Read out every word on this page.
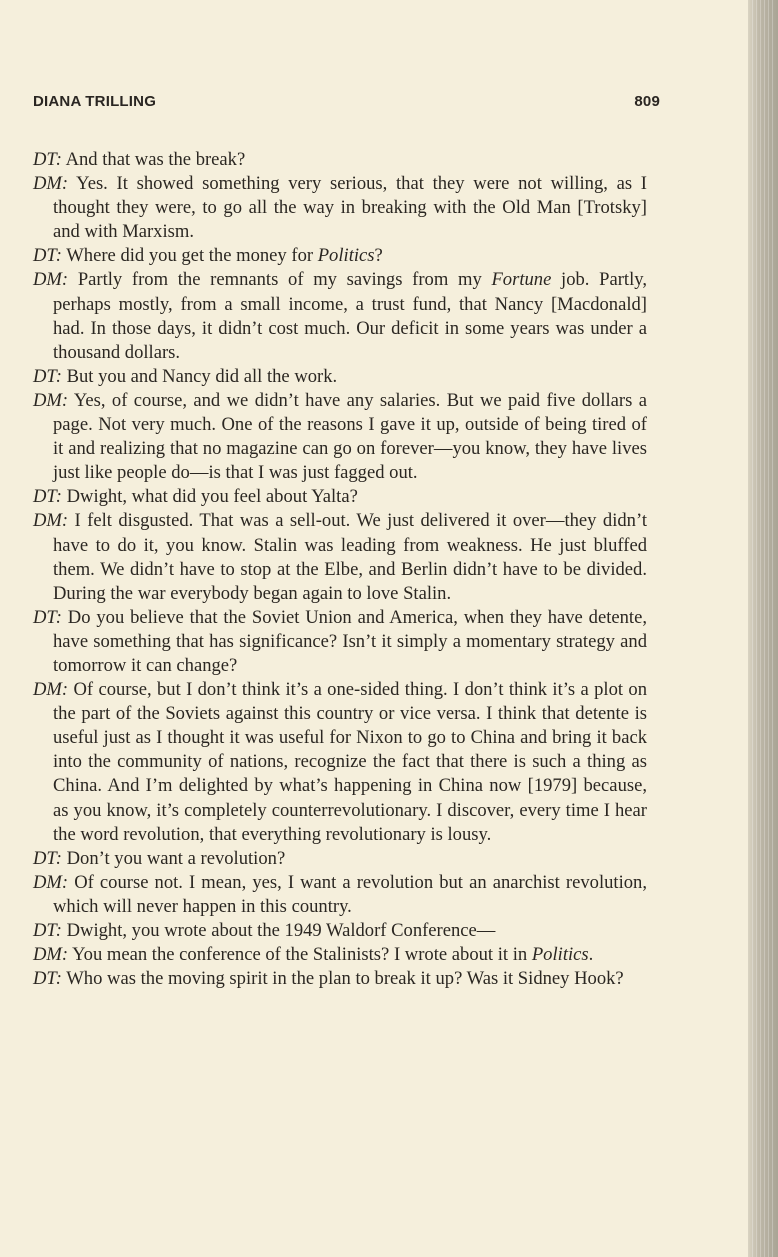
DIANA TRILLING	809

DT: And that was the break?

DM: Yes. It showed something very serious, that they were not willing, as I thought they were, to go all the way in breaking with the Old Man [Trotsky] and with Marxism.

DT: Where did you get the money for Politics?

DM: Partly from the remnants of my savings from my Fortune job. Partly, perhaps mostly, from a small income, a trust fund, that Nancy [Macdonald] had. In those days, it didn’t cost much. Our deficit in some years was under a thousand dollars.

DT: But you and Nancy did all the work.

DM: Yes, of course, and we didn’t have any salaries. But we paid five dollars a page. Not very much. One of the reasons I gave it up, outside of being tired of it and realizing that no magazine can go on forever—you know, they have lives just like people do—is that I was just fagged out.

DT: Dwight, what did you feel about Yalta?

DM: I felt disgusted. That was a sell-out. We just delivered it over—they didn’t have to do it, you know. Stalin was leading from weakness. He just bluffed them. We didn’t have to stop at the Elbe, and Berlin didn’t have to be divided. During the war everybody began again to love Stalin.

DT: Do you believe that the Soviet Union and America, when they have detente, have something that has significance? Isn’t it simply a momentary strategy and tomorrow it can change?

DM: Of course, but I don’t think it’s a one-sided thing. I don’t think it’s a plot on the part of the Soviets against this country or vice versa. I think that detente is useful just as I thought it was useful for Nixon to go to China and bring it back into the community of nations, recognize the fact that there is such a thing as China. And I’m delighted by what’s happening in China now [1979] because, as you know, it’s completely counterrevolutionary. I discover, every time I hear the word revolution, that everything revolutionary is lousy.

DT: Don’t you want a revolution?

DM: Of course not. I mean, yes, I want a revolution but an anarchist revolution, which will never happen in this country.

DT: Dwight, you wrote about the 1949 Waldorf Conference—

DM: You mean the conference of the Stalinists? I wrote about it in Politics.

DT: Who was the moving spirit in the plan to break it up? Was it Sidney Hook?
